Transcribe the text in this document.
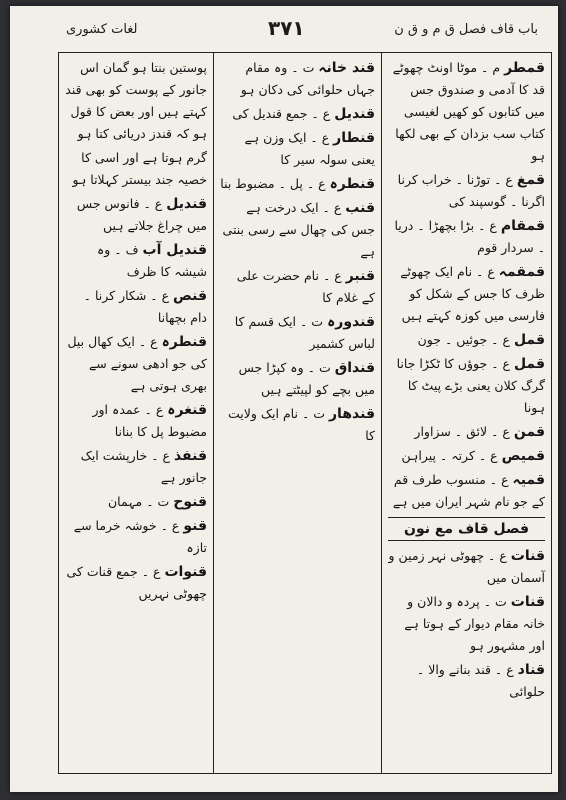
لغات کشوری	۳۷۱	باب قاف فصل ق م و ق ن
قمطر م ۔ موٹا اونٹ چھوٹے قد کا آدمی و صندوق جس میں کتابوں کو کھیں لغیسی کتاب سب بزدان کے بھی لکھا ہو
قمغ ع ۔ توڑنا ۔ خراب کرنا اگرنا ۔ گوسپند کی
قمقام ع ۔ بڑا بچھڑا ۔ دریا ۔ سردار قوم
قمقمہ ع ۔ نام ایک چھوٹے ظرف کا جس کے شکل کو فارسی میں کوزہ کہتے ہیں
قمل ع ۔ جوئیں ۔ جون
قمل ع ۔ جوؤں کا ٹکڑا جانا گرگ کلان یعنی بڑے پیٹ کا ہونا
قمن ع ۔ لائق ۔ سزاوار
قمیص ع ۔ کرتہ ۔ پیراہن
قمیہ ع ۔ منسوب طرف قم کے جو نام شہر ایران میں ہے
فصل قاف مع نون
قنات ع ۔ چھوٹی نہر زمین و آسمان میں
قنات ت ۔ پردہ و دالان و خانہ مقام دیوار کے ہوتا ہے اور مشہور ہو
قناد ع ۔ قند بنانے والا ۔ حلوائی
قند خانہ ت ۔ وہ مقام جہاں حلوائی کی دکان ہو
قندیل ع ۔ جمع قندیل کی
قنطار ع ۔ ایک وزن ہے یعنی سولہ سیر کا
قنطرہ ع ۔ پل ۔ مضبوط بنا
قنب ع ۔ ایک درخت ہے جس کی چھال سے رسی بنتی ہے
قنبر ع ۔ نام حضرت علی کے غلام کا
قندورہ ت ۔ ایک قسم کا لباس کشمیر
قنداق ت ۔ وہ کپڑا جس میں بچے کو لپیٹتے ہیں
قندھار ت ۔ نام ایک ولایت کا
پوستین بنتا ہو گمان اس جانور کے پوست کو بھی قند کہتے ہیں اور بعض کا قول ہو کہ قندز دریائی کتا ہو
گرم ہوتا ہے اور اسی کا خصیہ جند بیستر کہلاتا ہو
قندیل ع ۔ فانوس جس میں چراغ جلاتے ہیں
قندیل آب ف ۔ وہ شیشہ کا ظرف
قنص ع ۔ شکار کرنا ۔ دام بچھانا
قنطرہ ع ۔ ایک کھال بیل کی جو ادھی سونے سے بھری ہوتی ہے
قنغرہ ع ۔ عمدہ اور مضبوط پل کا بنانا
قنفذ ع ۔ خارپشت ایک جانور ہے
قنوح ت ۔ مہمان
قنو ع ۔ خوشہ خرما سے تازہ
قنوات ع ۔ جمع قنات کی چھوٹی نہریں
